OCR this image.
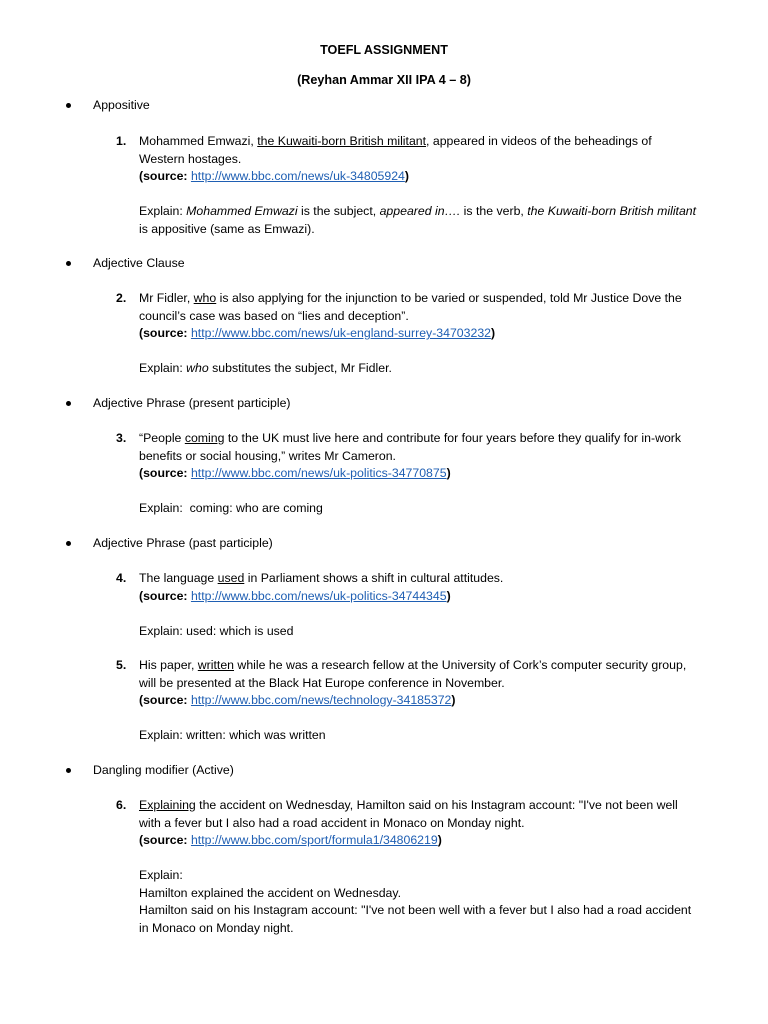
TOEFL ASSIGNMENT
(Reyhan Ammar XII IPA 4 – 8)
Appositive
1. Mohammed Emwazi, the Kuwaiti-born British militant, appeared in videos of the beheadings of
Western hostages.
(source: http://www.bbc.com/news/uk-34805924)
Explain: Mohammed Emwazi is the subject, appeared in…. is the verb, the Kuwaiti-born British militant
is appositive (same as Emwazi).
Adjective Clause
2. Mr Fidler, who is also applying for the injunction to be varied or suspended, told Mr Justice Dove the
council’s case was based on “lies and deception”.
(source: http://www.bbc.com/news/uk-england-surrey-34703232)
Explain: who substitutes the subject, Mr Fidler.
Adjective Phrase (present participle)
3. “People coming to the UK must live here and contribute for four years before they qualify for in-work
benefits or social housing,” writes Mr Cameron.
(source: http://www.bbc.com/news/uk-politics-34770875)
Explain:  coming: who are coming
Adjective Phrase (past participle)
4. The language used in Parliament shows a shift in cultural attitudes.
(source: http://www.bbc.com/news/uk-politics-34744345)
Explain: used: which is used
5. His paper, written while he was a research fellow at the University of Cork’s computer security group,
will be presented at the Black Hat Europe conference in November.
(source: http://www.bbc.com/news/technology-34185372)
Explain: written: which was written
Dangling modifier (Active)
6. Explaining the accident on Wednesday, Hamilton said on his Instagram account: "I've not been well
with a fever but I also had a road accident in Monaco on Monday night.
(source: http://www.bbc.com/sport/formula1/34806219)
Explain:
Hamilton explained the accident on Wednesday.
Hamilton said on his Instagram account: "I've not been well with a fever but I also had a road accident
in Monaco on Monday night.
